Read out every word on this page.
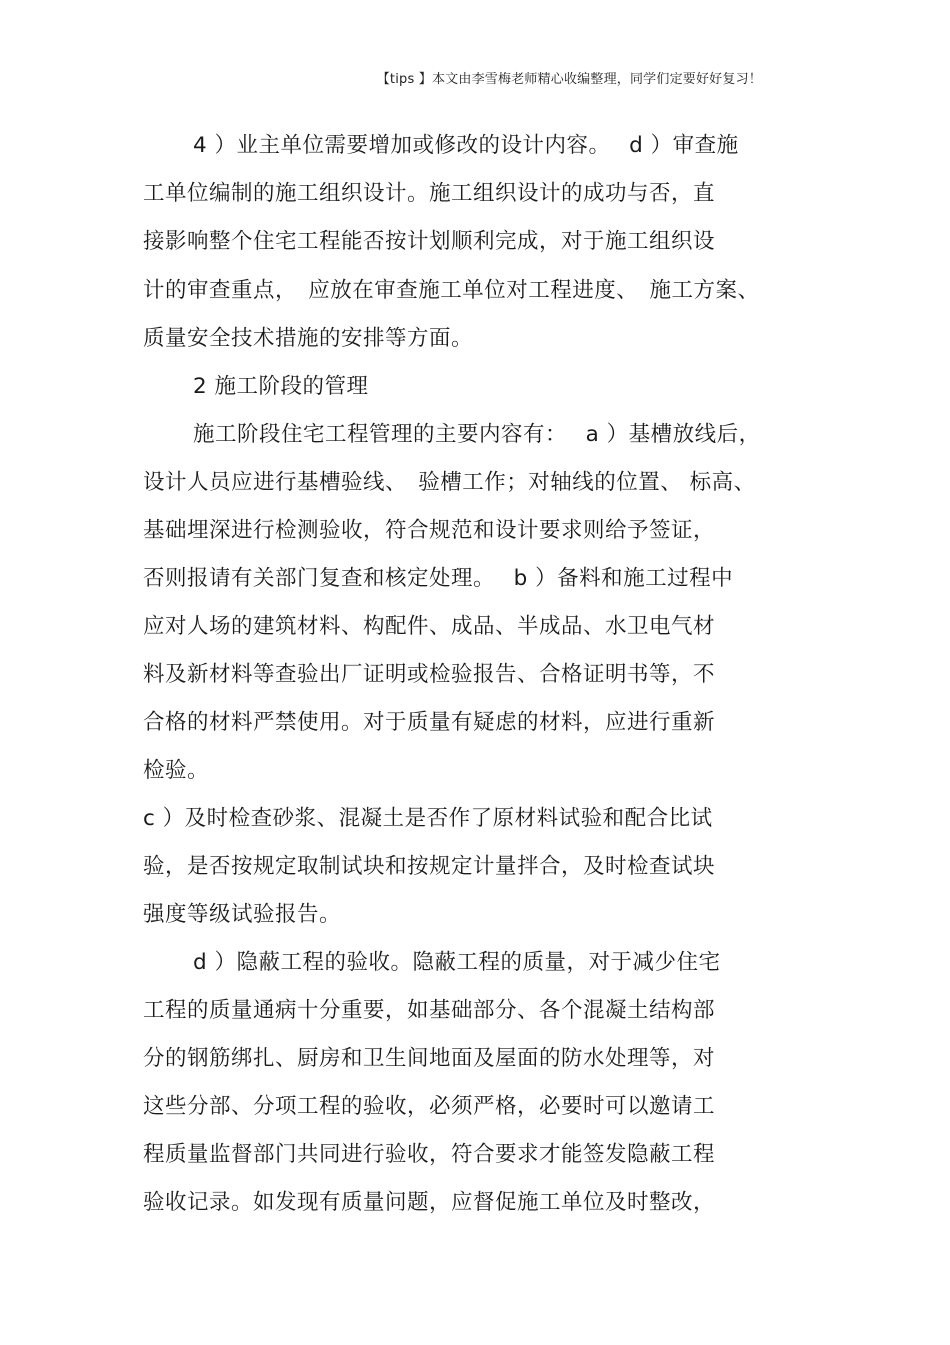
【tips 】本文由李雪梅老师精心收编整理，同学们定要好好复习！
4 ）业主单位需要增加或修改的设计内容。　 d ）审查施
工单位编制的施工组织设计。施工组织设计的成功与否，直
接影响整个住宅工程能否按计划顺利完成，对于施工组织设
计的审查重点，　应放在审查施工单位对工程进度、　施工方案、
质量安全技术措施的安排等方面。
2 施工阶段的管理
施工阶段住宅工程管理的主要内容有：　 a ）基槽放线后，
设计人员应进行基槽验线、　验槽工作；对轴线的位置、 标高、
基础埋深进行检测验收，符合规范和设计要求则给予签证，
否则报请有关部门复查和核定处理。　 b ）备料和施工过程中
应对人场的建筑材料、构配件、成品、半成品、水卫电气材
料及新材料等查验出厂证明或检验报告、合格证明书等，不
合格的材料严禁使用。对于质量有疑虑的材料，应进行重新
检验。
c ）及时检查砂浆、混凝土是否作了原材料试验和配合比试
验，是否按规定取制试块和按规定计量拌合，及时检查试块
强度等级试验报告。
d ）隐蔽工程的验收。隐蔽工程的质量，对于减少住宅
工程的质量通病十分重要，如基础部分、各个混凝土结构部
分的钢筋绑扎、厨房和卫生间地面及屋面的防水处理等，对
这些分部、分项工程的验收，必须严格，必要时可以邀请工
程质量监督部门共同进行验收，符合要求才能签发隐蔽工程
验收记录。如发现有质量问题，应督促施工单位及时整改，
